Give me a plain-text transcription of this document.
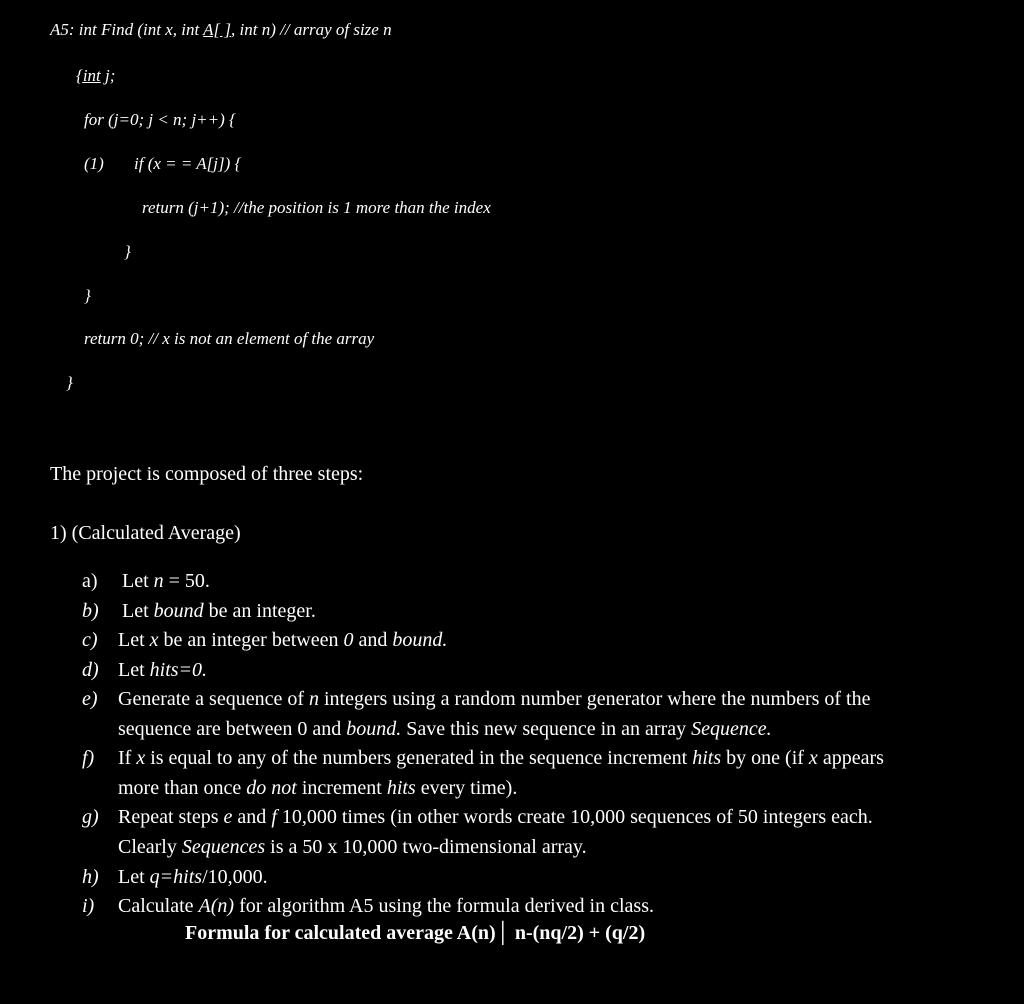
A5: int Find (int x, int A[ ], int n) // array of size n
{int j;
for (j=0; j < n; j++) {
(1) if (x = = A[j]) {
return (j+1); //the position is 1 more than the index
}
}
return 0; // x is not an element of the array
}
The project is composed of three steps:
1) (Calculated Average)
a) Let n = 50.
b) Let bound be an integer.
c) Let x be an integer between 0 and bound.
d) Let hits=0.
e) Generate a sequence of n integers using a random number generator where the numbers of the sequence are between 0 and bound. Save this new sequence in an array Sequence.
f) If x is equal to any of the numbers generated in the sequence increment hits by one (if x appears more than once do not increment hits every time).
g) Repeat steps e and f 10,000 times (in other words create 10,000 sequences of 50 integers each. Clearly Sequences is a 50 x 10,000 two-dimensional array.
h) Let q=hits/10,000.
i) Calculate A(n) for algorithm A5 using the formula derived in class.
Formula for calculated average A(n)│ n-(nq/2) + (q/2)
